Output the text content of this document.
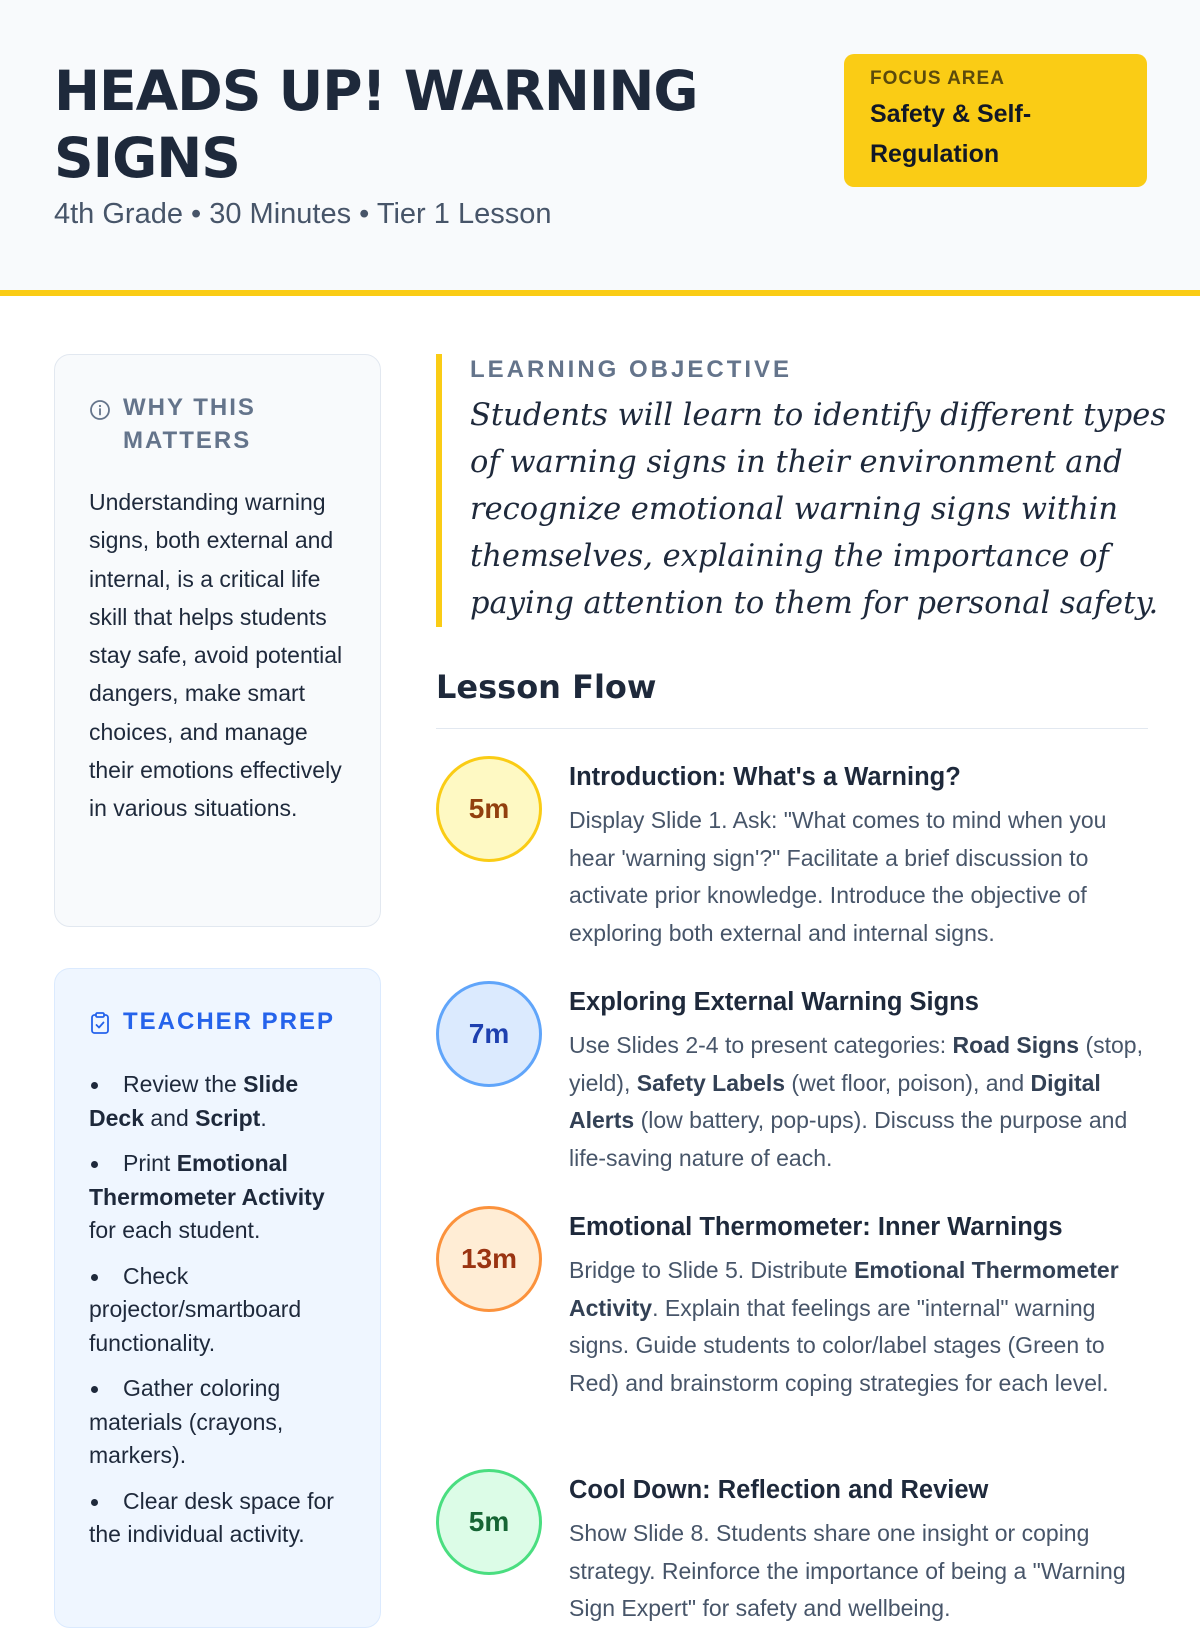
HEADS UP! WARNING SIGNS
4th Grade • 30 Minutes • Tier 1 Lesson
FOCUS AREA
Safety & Self-Regulation
WHY THIS MATTERS

Understanding warning signs, both external and internal, is a critical life skill that helps students stay safe, avoid potential dangers, make smart choices, and manage their emotions effectively in various situations.

TEACHER PREP
Review the Slide Deck and Script.
Print Emotional Thermometer Activity for each student.
Check projector/smartboard functionality.
Gather coloring materials (crayons, markers).
Clear desk space for the individual activity.
LEARNING OBJECTIVE

Students will learn to identify different types of warning signs in their environment and recognize emotional warning signs within themselves, explaining the importance of paying attention to them for personal safety.

Lesson Flow
5m
Introduction: What's a Warning?

Display Slide 1. Ask: "What comes to mind when you hear 'warning sign'?" Facilitate a brief discussion to activate prior knowledge. Introduce the objective of exploring both external and internal signs.

7m
Exploring External Warning Signs

Use Slides 2-4 to present categories: Road Signs (stop, yield), Safety Labels (wet floor, poison), and Digital Alerts (low battery, pop-ups). Discuss the purpose and life-saving nature of each.

13m
Emotional Thermometer: Inner Warnings

Bridge to Slide 5. Distribute Emotional Thermometer Activity. Explain that feelings are "internal" warning signs. Guide students to color/label stages (Green to Red) and brainstorm coping strategies for each level.

5m
Cool Down: Reflection and Review

Show Slide 8. Students share one insight or coping strategy. Reinforce the importance of being a "Warning Sign Expert" for safety and wellbeing.
